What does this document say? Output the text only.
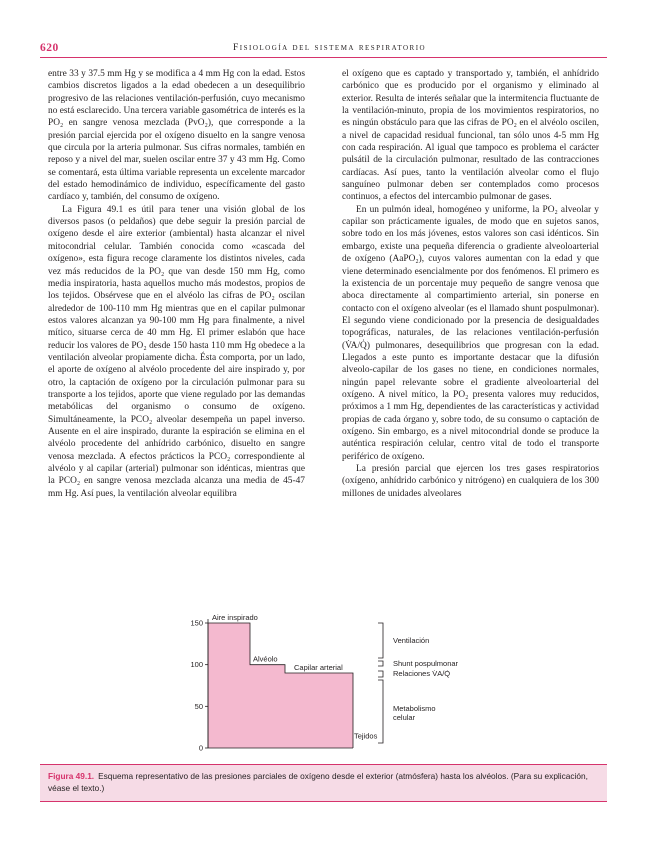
620	Fisiología del sistema respiratorio

entre 33 y 37.5 mm Hg y se modifica a 4 mm Hg con la edad. Estos cambios discretos ligados a la edad obedecen a un desequilibrio progresivo de las relaciones ventilación-perfusión, cuyo mecanismo no está esclarecido. Una tercera variable gasométrica de interés es la PO₂ en sangre venosa mezclada (PvO₂), que corresponde a la presión parcial ejercida por el oxígeno disuelto en la sangre venosa que circula por la arteria pulmonar. Sus cifras normales, también en reposo y a nivel del mar, suelen oscilar entre 37 y 43 mm Hg. Como se comentará, esta última variable representa un excelente marcador del estado hemodinámico de individuo, específicamente del gasto cardíaco y, también, del consumo de oxígeno.

La Figura 49.1 es útil para tener una visión global de los diversos pasos (o peldaños) que debe seguir la presión parcial de oxígeno desde el aire exterior (ambiental) hasta alcanzar el nivel mitocondrial celular. También conocida como «cascada del oxígeno», esta figura recoge claramente los distintos niveles, cada vez más reducidos de la PO₂ que van desde 150 mm Hg, como media inspiratoria, hasta aquellos mucho más modestos, propios de los tejidos. Obsérvese que en el alvéolo las cifras de PO₂ oscilan alrededor de 100-110 mm Hg mientras que en el capilar pulmonar estos valores alcanzan ya 90-100 mm Hg para finalmente, a nivel mítico, situarse cerca de 40 mm Hg. El primer eslabón que hace reducir los valores de PO₂ desde 150 hasta 110 mm Hg obedece a la ventilación alveolar propiamente dicha. Ésta comporta, por un lado, el aporte de oxígeno al alvéolo procedente del aire inspirado y, por otro, la captación de oxígeno por la circulación pulmonar para su transporte a los tejidos, aporte que viene regulado por las demandas metabólicas del organismo o consumo de oxígeno. Simultáneamente, la PCO₂ alveolar desempeña un papel inverso. Ausente en el aire inspirado, durante la espiración se elimina en el alvéolo procedente del anhídrido carbónico, disuelto en sangre venosa mezclada. A efectos prácticos la PCO₂ correspondiente al alvéolo y al capilar (arterial) pulmonar son idénticas, mientras que la PCO₂ en sangre venosa mezclada alcanza una media de 45-47 mm Hg. Así pues, la ventilación alveolar equilibra

el oxígeno que es captado y transportado y, también, el anhídrido carbónico que es producido por el organismo y eliminado al exterior. Resulta de interés señalar que la intermitencia fluctuante de la ventilación-minuto, propia de los movimientos respiratorios, no es ningún obstáculo para que las cifras de PO₂ en el alvéolo oscilen, a nivel de capacidad residual funcional, tan sólo unos 4-5 mm Hg con cada respiración. Al igual que tampoco es problema el carácter pulsátil de la circulación pulmonar, resultado de las contracciones cardíacas. Así pues, tanto la ventilación alveolar como el flujo sanguíneo pulmonar deben ser contemplados como procesos continuos, a efectos del intercambio pulmonar de gases.

En un pulmón ideal, homogéneo y uniforme, la PO₂ alveolar y capilar son prácticamente iguales, de modo que en sujetos sanos, sobre todo en los más jóvenes, estos valores son casi idénticos. Sin embargo, existe una pequeña diferencia o gradiente alveoloarterial de oxígeno (AaPO₂), cuyos valores aumentan con la edad y que viene determinado esencialmente por dos fenómenos. El primero es la existencia de un porcentaje muy pequeño de sangre venosa que aboca directamente al compartimiento arterial, sin ponerse en contacto con el oxígeno alveolar (es el llamado shunt pospulmonar). El segundo viene condicionado por la presencia de desigualdades topográficas, naturales, de las relaciones ventilación-perfusión (V̇A/Q̇) pulmonares, desequilibrios que progresan con la edad. Llegados a este punto es importante destacar que la difusión alveolo-capilar de los gases no tiene, en condiciones normales, ningún papel relevante sobre el gradiente alveoloarterial del oxígeno. A nivel mítico, la PO₂ presenta valores muy reducidos, próximos a 1 mm Hg, dependientes de las características y actividad propias de cada órgano y, sobre todo, de su consumo o captación de oxígeno. Sin embargo, es a nivel mitocondrial donde se produce la auténtica respiración celular, centro vital de todo el transporte periférico de oxígeno.

La presión parcial que ejercen los tres gases respiratorios (oxígeno, anhídrido carbónico y nitrógeno) en cualquiera de los 300 millones de unidades alveolares

150
100
50
0
Aire inspirado
Alvéolo
Capilar arterial
Tejidos
Ventilación
Shunt pospulmonar
Relaciones V̇A/Q̇
Metabolismo
celular
Figura 49.1. Esquema representativo de las presiones parciales de oxígeno desde el exterior (atmósfera) hasta los alvéolos. (Para su explicación, véase el texto.)
